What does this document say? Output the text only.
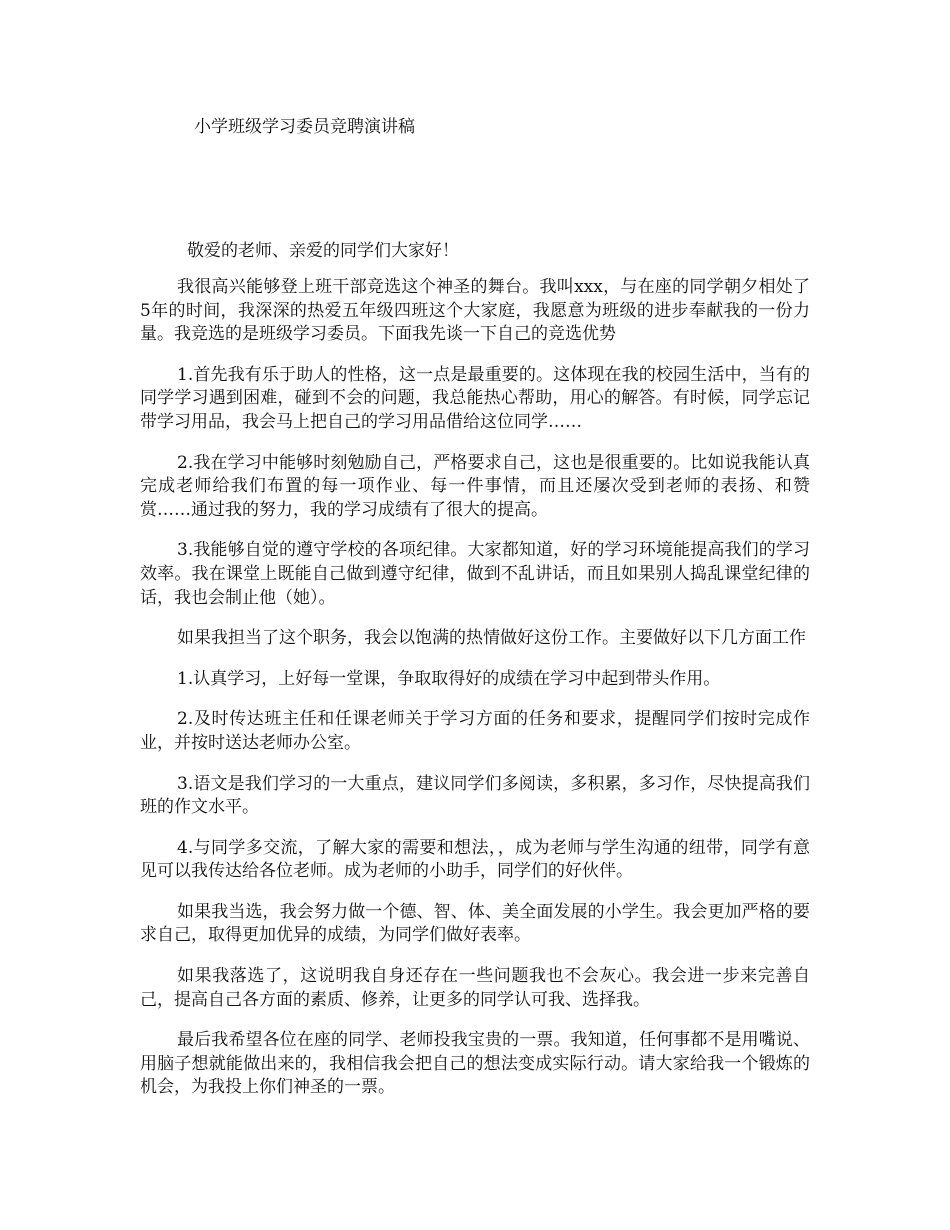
小学班级学习委员竞聘演讲稿

敬爱的老师、亲爱的同学们大家好！

我很高兴能够登上班干部竞选这个神圣的舞台。我叫xxx，与在座的同学朝夕相处了5年的时间，我深深的热爱五年级四班这个大家庭，我愿意为班级的进步奉献我的一份力量。我竞选的是班级学习委员。下面我先谈一下自己的竞选优势

1.首先我有乐于助人的性格，这一点是最重要的。这体现在我的校园生活中，当有的同学学习遇到困难，碰到不会的问题，我总能热心帮助，用心的解答。有时候，同学忘记带学习用品，我会马上把自己的学习用品借给这位同学……

2.我在学习中能够时刻勉励自己，严格要求自己，这也是很重要的。比如说我能认真完成老师给我们布置的每一项作业、每一件事情，而且还屡次受到老师的表扬、和赞赏……通过我的努力，我的学习成绩有了很大的提高。

3.我能够自觉的遵守学校的各项纪律。大家都知道，好的学习环境能提高我们的学习效率。我在课堂上既能自己做到遵守纪律，做到不乱讲话，而且如果别人捣乱课堂纪律的话，我也会制止他（她）。

如果我担当了这个职务，我会以饱满的热情做好这份工作。主要做好以下几方面工作

1.认真学习，上好每一堂课，争取取得好的成绩在学习中起到带头作用。

2.及时传达班主任和任课老师关于学习方面的任务和要求，提醒同学们按时完成作业，并按时送达老师办公室。

3.语文是我们学习的一大重点，建议同学们多阅读，多积累，多习作，尽快提高我们班的作文水平。

4.与同学多交流，了解大家的需要和想法，，成为老师与学生沟通的纽带，同学有意见可以我传达给各位老师。成为老师的小助手，同学们的好伙伴。

如果我当选，我会努力做一个德、智、体、美全面发展的小学生。我会更加严格的要求自己，取得更加优异的成绩，为同学们做好表率。

如果我落选了，这说明我自身还存在一些问题我也不会灰心。我会进一步来完善自己，提高自己各方面的素质、修养，让更多的同学认可我、选择我。

最后我希望各位在座的同学、老师投我宝贵的一票。我知道，任何事都不是用嘴说、用脑子想就能做出来的，我相信我会把自己的想法变成实际行动。请大家给我一个锻炼的机会，为我投上你们神圣的一票。
